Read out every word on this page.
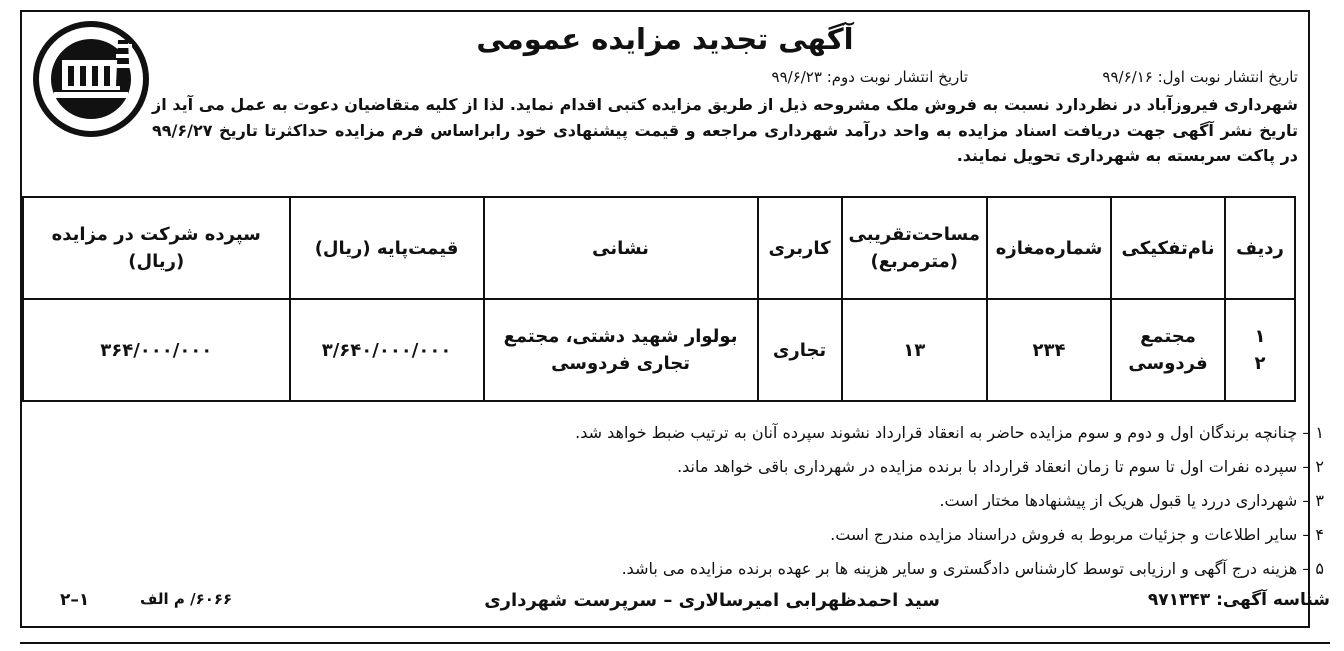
آگهی تجدید مزایده عمومی
تاریخ انتشار نوبت اول: ۹۹/۶/۱۶
تاریخ انتشار نوبت دوم: ۹۹/۶/۲۳
شهرداری فیروزآباد در نظردارد نسبت به فروش ملک مشروحه ذیل از طریق مزایده کتبی اقدام نماید. لذا از کلیه متقاضیان دعوت به عمل می آید از تاریخ نشر آگهی جهت دریافت اسناد مزایده به واحد درآمد شهرداری مراجعه و قیمت پیشنهادی خود رابراساس فرم مزایده حداکثرتا تاریخ ۹۹/۶/۲۷ در پاکت سربسته به شهرداری تحویل نمایند.
ردیف	نام‌تفکیکی	شماره‌مغازه	مساحت‌تقریبی (مترمربع)	کاربری	نشانی	قیمت‌پایه (ریال)	سپرده شرکت در مزایده (ریال)

۱
۲	مجتمع فردوسی	۲۳۴	۱۳	تجاری	بولوار شهید دشتی، مجتمع تجاری فردوسی	۳/۶۴۰/۰۰۰/۰۰۰	۳۶۴/۰۰۰/۰۰۰
۱ – چنانچه برندگان اول و دوم و سوم مزایده حاضر به انعقاد قرارداد نشوند سپرده آنان به ترتیب ضبط خواهد شد.
۲ – سپرده نفرات اول تا سوم تا زمان انعقاد قرارداد با برنده مزایده در شهرداری باقی خواهد ماند.
۳ – شهرداری دررد یا قبول هریک از پیشنهادها مختار است.
۴ – سایر اطلاعات و جزئیات مربوط به فروش دراسناد مزایده مندرج است.
۵ – هزینه درج آگهی و ارزیابی توسط کارشناس دادگستری و سایر هزینه ها بر عهده برنده مزایده می باشد.
شناسه آگهی: ۹۷۱۳۴۳
سید احمدظهرابی امیرسالاری – سرپرست شهرداری
۶۰۶۶/ م الف
۲–۱
